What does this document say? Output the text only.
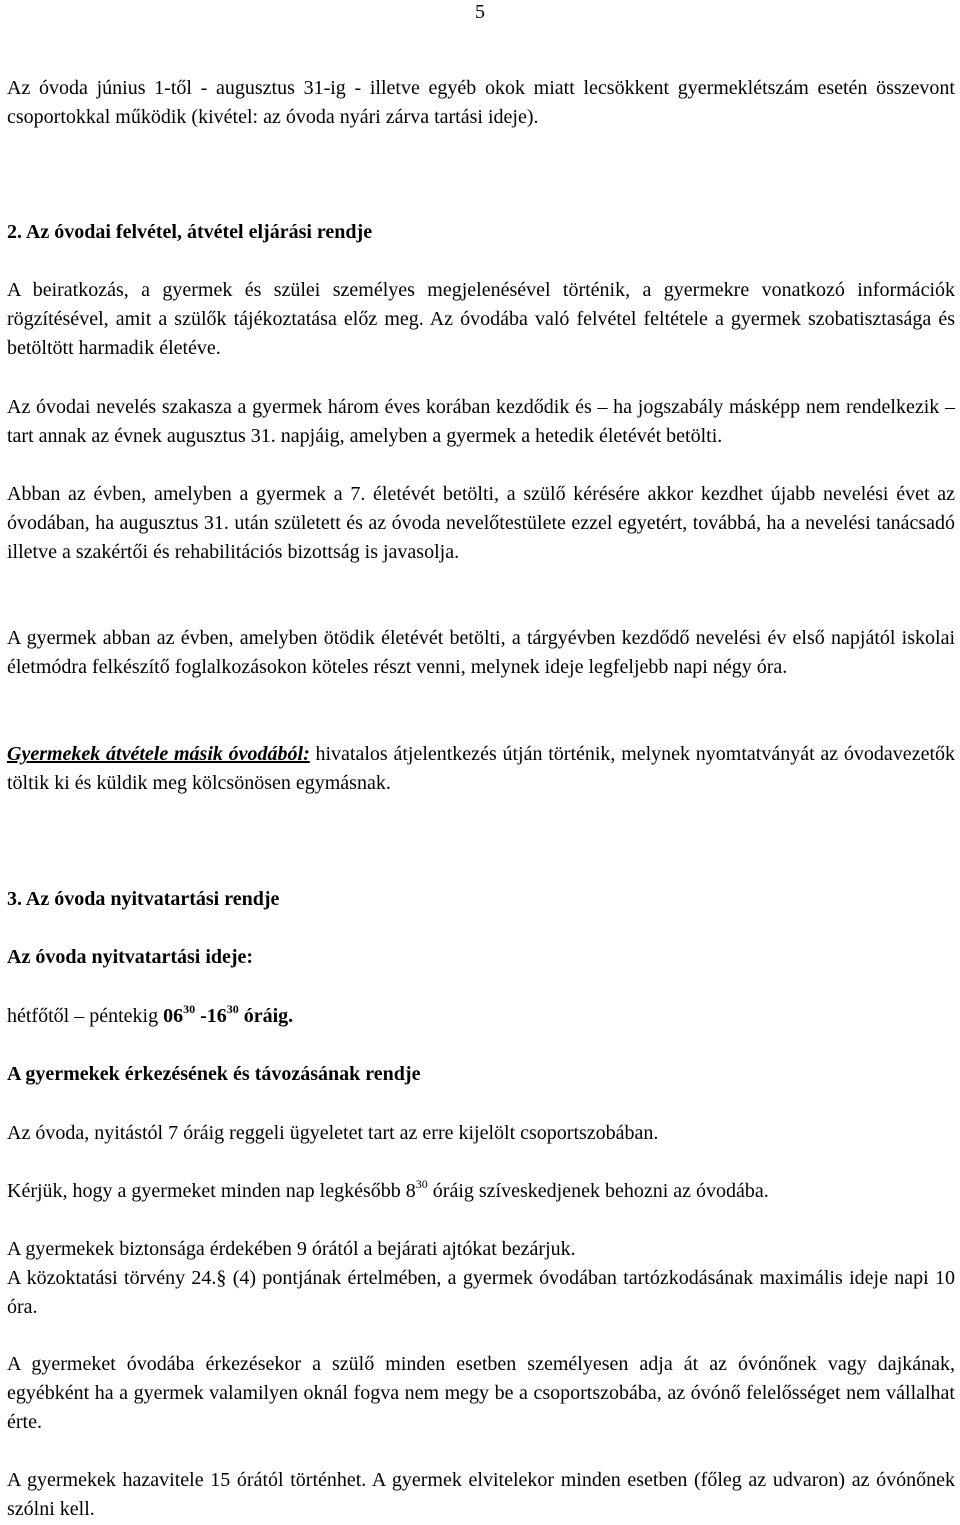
5

Az óvoda június 1-től - augusztus 31-ig - illetve egyéb okok miatt lecsökkent gyermeklétszám esetén összevont csoportokkal működik (kivétel: az óvoda nyári zárva tartási ideje).

2. Az óvodai felvétel, átvétel eljárási rendje

A beiratkozás, a gyermek és szülei személyes megjelenésével történik, a gyermekre vonatkozó információk rögzítésével, amit a szülők tájékoztatása előz meg. Az óvodába való felvétel feltétele a gyermek szobatisztasága és betöltött harmadik életéve.

Az óvodai nevelés szakasza a gyermek három éves korában kezdődik és – ha jogszabály másképp nem rendelkezik – tart annak az évnek augusztus 31. napjáig, amelyben a gyermek a hetedik életévét betölti.

Abban az évben, amelyben a gyermek a 7. életévét betölti, a szülő kérésére akkor kezdhet újabb nevelési évet az óvodában, ha augusztus 31. után született és az óvoda nevelőtestülete ezzel egyetért, továbbá, ha a nevelési tanácsadó illetve a szakértői és rehabilitációs bizottság is javasolja.

A gyermek abban az évben, amelyben ötödik életévét betölti, a tárgyévben kezdődő nevelési év első napjától iskolai életmódra felkészítő foglalkozásokon köteles részt venni, melynek ideje legfeljebb napi négy óra.

Gyermekek átvétele másik óvodából: hivatalos átjelentkezés útján történik, melynek nyomtatványát az óvodavezetők töltik ki és küldik meg kölcsönösen egymásnak.

3. Az óvoda nyitvatartási rendje
Az óvoda nyitvatartási ideje:

hétfőtől – péntekig $06^{30}$ $-16^{30}$ óráig.

A gyermekek érkezésének és távozásának rendje

Az óvoda, nyitástól 7 óráig reggeli ügyeletet tart az erre kijelölt csoportszobában.

Kérjük, hogy a gyermeket minden nap legkésőbb $8^{30}$ óráig szíveskedjenek behozni az óvodába.

A gyermekek biztonsága érdekében 9 órától a bejárati ajtókat bezárjuk.

A közoktatási törvény 24.§ (4) pontjának értelmében, a gyermek óvodában tartózkodásának maximális ideje napi 10 óra.

A gyermeket óvodába érkezésekor a szülő minden esetben személyesen adja át az óvónőnek vagy dajkának, egyébként ha a gyermek valamilyen oknál fogva nem megy be a csoportszobába, az óvónő felelősséget nem vállalhat érte.

A gyermekek hazavitele 15 órától történhet. A gyermek elvitelekor minden esetben (főleg az udvaron) az óvónőnek szólni kell.
